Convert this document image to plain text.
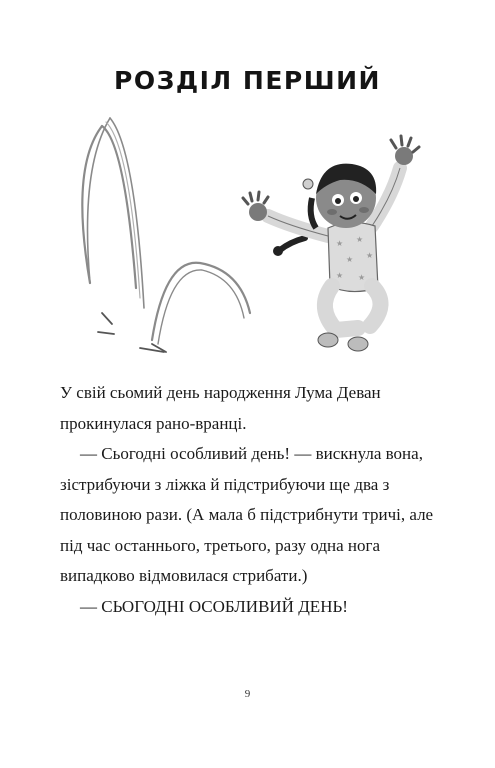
РОЗДІЛ ПЕРШИЙ
★ ★
★ ★
★ ★

У свій сьомий день народження Лума Деван прокинулася рано-вранці.

— Сьогодні особливий день! — вискнула вона, зістрибуючи з ліжка й підстрибуючи ще два з половиною рази. (А мала б підстрибнути тричі, але під час останнього, третього, разу одна нога випадково відмовилася стрибати.)

— СЬОГОДНІ ОСОБЛИВИЙ ДЕНЬ!

9
